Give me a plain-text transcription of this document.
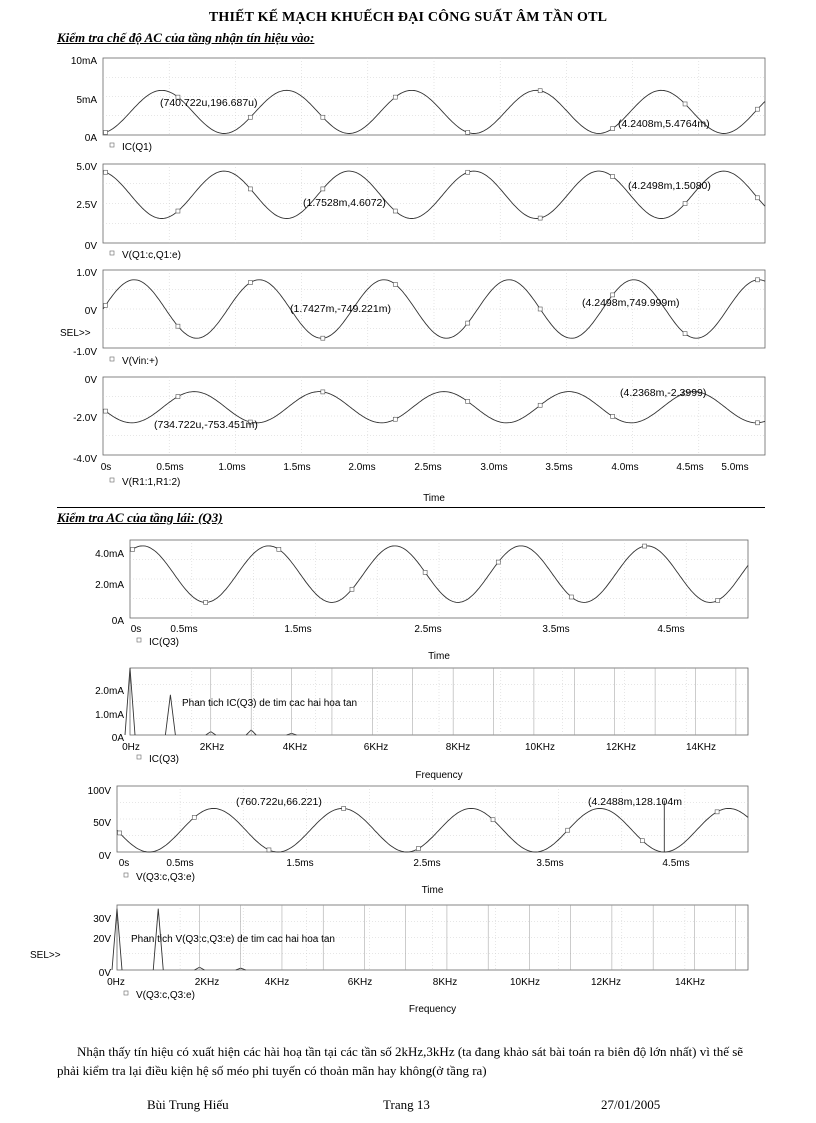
THIẾT KẾ MẠCH KHUẾCH ĐẠI CÔNG SUẤT ÂM TẦN OTL
Kiểm tra chế độ AC của tầng nhận tín hiệu vào:
Kiểm tra AC của tầng lái: (Q3)
10mA
5mA
0A
IC(Q1)
(740.722u,196.687u)
(4.2408m,5.4764m)
5.0V
2.5V
0V
V(Q1:c,Q1:e)
(1.7528m,4.6072)
(4.2498m,1.5080)
1.0V
0V
-1.0V
V(Vin:+)
SEL>>
(1.7427m,-749.221m)	(4.2498m,749.999m)
0V
-2.0V
-4.0V
0s	0.5ms	1.0ms	1.5ms	2.0ms	2.5ms	3.0ms	3.5ms	4.0ms	4.5ms 5.0ms
Time
V(R1:1,R1:2)
(734.722u,-753.451m)
(4.2368m,-2.3999)
4.0mA
2.0mA
0A
0s	0.5ms	1.5ms	2.5ms	3.5ms	4.5ms
Time
IC(Q3)
2.0mA
1.0mA
0A
0Hz	2KHz	4KHz	6KHz	8KHz	10KHz	12KHz	14KHz
Frequency
IC(Q3)
Phan tich IC(Q3) de tim cac hai hoa tan
100V
50V
0V
0s	0.5ms	1.5ms	2.5ms	3.5ms	4.5ms
Time
V(Q3:c,Q3:e)
(760.722u,66.221)	(4.2488m,128.104m
30V
20V
0V
0Hz	2KHz	4KHz	6KHz	8KHz	10KHz	12KHz	14KHz
Frequency
V(Q3:c,Q3:e)
SEL>>
Phan tich V(Q3:c,Q3:e) de tim cac hai hoa tan
Nhận thấy tín hiệu có xuất hiện các hài hoạ tần tại các tần số 2kHz,3kHz (ta đang khảo sát bài toán ra biên độ lớn nhất) vì thế sẽ phải kiểm tra lại điều kiện hệ số méo phi tuyến có thoản mãn hay không(ở tầng ra)
Bùi Trung Hiếu	Trang 13	27/01/2005
